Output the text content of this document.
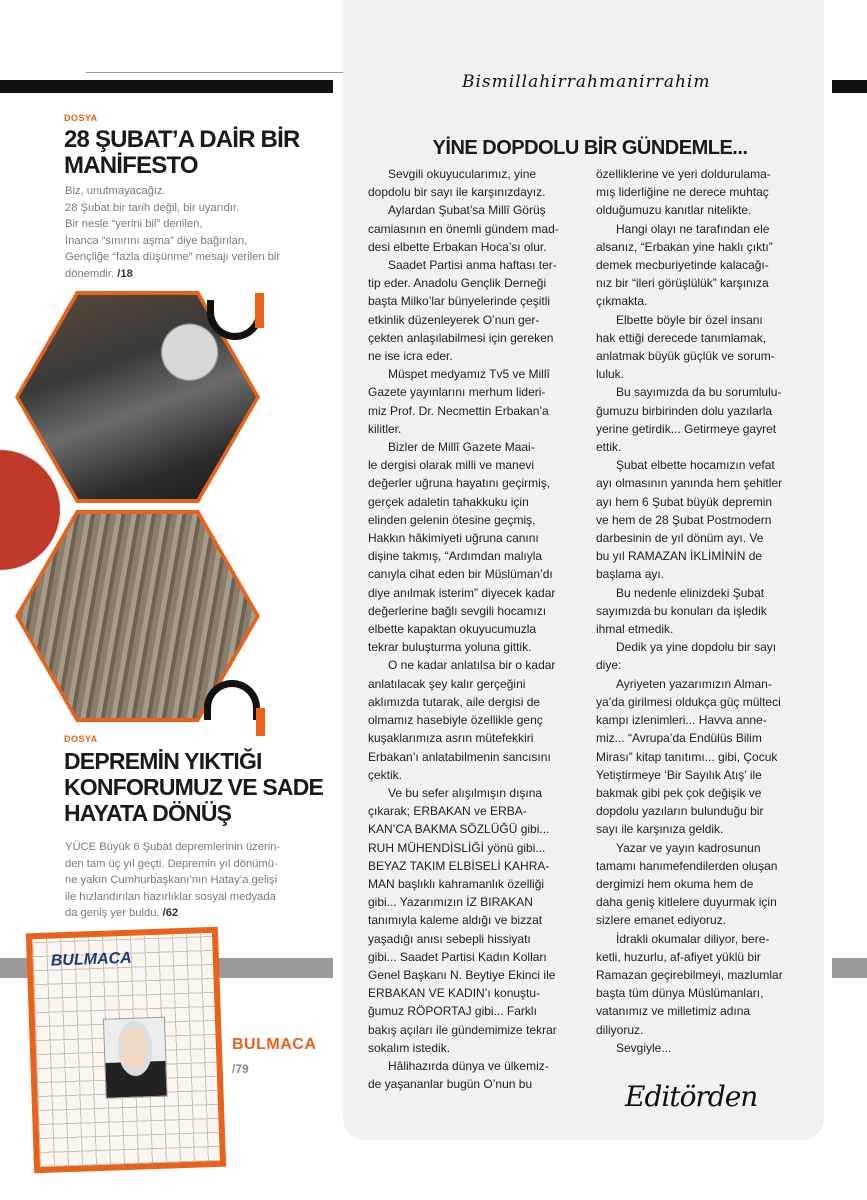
Bismillahirrahmanirrahim
DOSYA
28 ŞUBAT’A DAİR BİR
MANİFESTO
Biz, unutmayacağız.
28 Şubat bir tarih değil, bir uyarıdır.
Bir nesle “yerini bil” denilen,
İnanca “sınırını aşma” diye bağırılan,
Gençliğe “fazla düşünme” mesajı verilen bir
dönemdir. /18
DOSYA
DEPREMİN YIKTIĞI
KONFORUMUZ VE SADE
HAYATA DÖNÜŞ
YÜCE Büyük 6 Şubat depremlerinin üzerin-
den tam üç yıl geçti. Depremin yıl dönümü-
ne yakın Cumhurbaşkanı’nın Hatay’a gelişi
ile hızlandırılan hazırlıklar sosyal medyada
da geniş yer buldu. /62
BULMACA
BULMACA
/79
YİNE DOPDOLU BİR GÜNDEMLE...
Sevgili okuyucularımız, yine
dopdolu bir sayı ile karşınızdayız.
Aylardan Şubat’sa Millî Görüş
camiasının en önemli gündem mad-
desi elbette Erbakan Hoca’sı olur.
Saadet Partisi anma haftası ter-
tip eder. Anadolu Gençlik Derneği
başta Milko’lar bünyelerinde çeşitli
etkinlik düzenleyerek O’nun ger-
çekten anlaşılabilmesi için gereken
ne ise icra eder.
Müspet medyamız Tv5 ve Millî
Gazete yayınlarını merhum lideri-
miz Prof. Dr. Necmettin Erbakan’a
kilitler.
Bizler de Millî Gazete Maai-
le dergisi olarak milli ve manevi
değerler uğruna hayatını geçirmiş,
gerçek adaletin tahakkuku için
elinden gelenin ötesine geçmiş,
Hakkın hâkimiyeti uğruna canını
dişine takmış, “Ardımdan malıyla
canıyla cihat eden bir Müslüman’dı
diye anılmak isterim” diyecek kadar
değerlerine bağlı sevgili hocamızı
elbette kapaktan okuyucumuzla
tekrar buluşturma yoluna gittik.
O ne kadar anlatılsa bir o kadar
anlatılacak şey kalır gerçeğini
aklımızda tutarak, aile dergisi de
olmamız hasebiyle özellikle genç
kuşaklarımıza asrın mütefekkiri
Erbakan’ı anlatabilmenin sancısını
çektik.
Ve bu sefer alışılmışın dışına
çıkarak; ERBAKAN ve ERBA-
KAN’CA BAKMA SÖZLÜĞÜ gibi...
RUH MÜHENDİSLİĞİ yönü gibi...
BEYAZ TAKIM ELBİSELİ KAHRA-
MAN başlıklı kahramanlık özelliği
gibi... Yazarımızın İZ BIRAKAN
tanımıyla kaleme aldığı ve bizzat
yaşadığı anısı sebepli hissiyatı
gibi... Saadet Partisi Kadın Kolları
Genel Başkanı N. Beytiye Ekinci ile
ERBAKAN VE KADIN’ı konuştu-
ğumuz RÖPORTAJ gibi... Farklı
bakış açıları ile gündemimize tekrar
sokalım istedik.
Hâlihazırda dünya ve ülkemiz-
de yaşananlar bugün O’nun bu
özelliklerine ve yeri doldurulama-
mış liderliğine ne derece muhtaç
olduğumuzu kanıtlar nitelikte.
Hangi olayı ne tarafından ele
alsanız, “Erbakan yine haklı çıktı”
demek mecburiyetinde kalacağı-
nız bir “ileri görüşlülük” karşınıza
çıkmakta.
Elbette böyle bir özel insanı
hak ettiği derecede tanımlamak,
anlatmak büyük güçlük ve sorum-
luluk.
Bu sayımızda da bu sorumlulu-
ğumuzu birbirinden dolu yazılarla
yerine getirdik... Getirmeye gayret
ettik.
Şubat elbette hocamızın vefat
ayı olmasının yanında hem şehitler
ayı hem 6 Şubat büyük depremin
ve hem de 28 Şubat Postmodern
darbesinin de yıl dönüm ayı. Ve
bu yıl RAMAZAN İKLİMİNİN de
başlama ayı.
Bu nedenle elinizdeki Şubat
sayımızda bu konuları da işledik
ihmal etmedik.
Dedik ya yine dopdolu bir sayı
diye:
Ayriyeten yazarımızın Alman-
ya’da girilmesi oldukça güç mülteci
kampı izlenimleri... Havva anne-
miz... “Avrupa’da Endülüs Bilim
Mirası” kitap tanıtımı... gibi, Çocuk
Yetiştirmeye ‘Bir Sayılık Atış’ ile
bakmak gibi pek çok değişik ve
dopdolu yazıların bulunduğu bir
sayı ile karşınıza geldik.
Yazar ve yayın kadrosunun
tamamı hanımefendilerden oluşan
dergimizi hem okuma hem de
daha geniş kitlelere duyurmak için
sizlere emanet ediyoruz.
İdrakli okumalar diliyor, bere-
ketli, huzurlu, af-afiyet yüklü bir
Ramazan geçirebilmeyi, mazlumlar
başta tüm dünya Müslümanları,
vatanımız ve milletimiz adına
diliyoruz.
Sevgiyle...
Editörden
